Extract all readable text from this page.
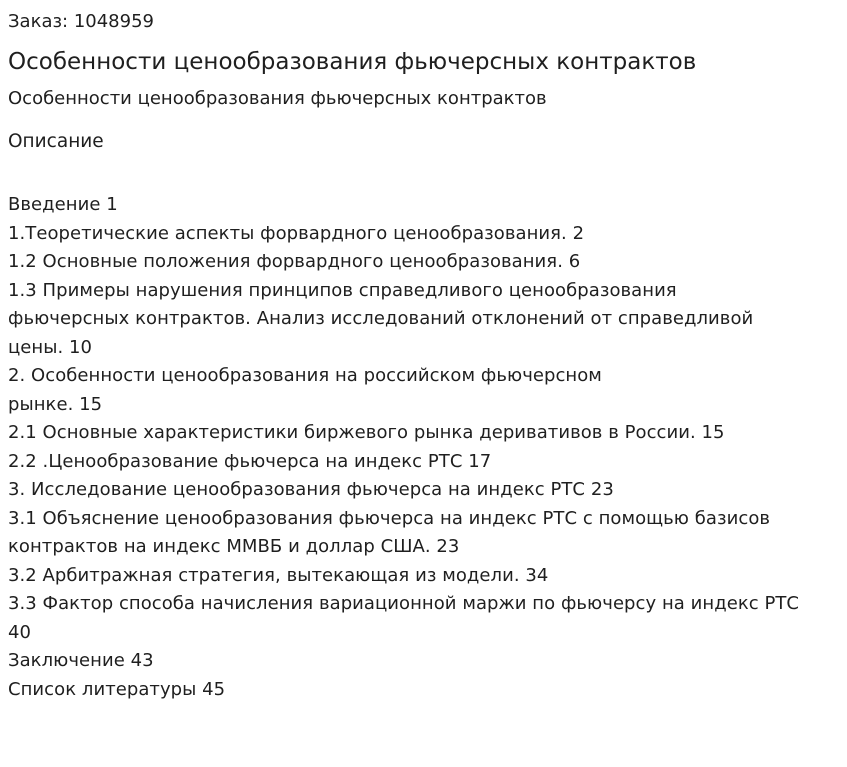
Заказ: 1048959
Особенности ценообразования фьючерсных контрактов
Особенности ценообразования фьючерсных контрактов
Описание
Введение 1
1.Теоретические аспекты форвардного ценообразования. 2
1.2 Основные положения форвардного ценообразования. 6
1.3 Примеры нарушения принципов справедливого ценообразования
фьючерсных контрактов. Анализ исследований отклонений от справедливой
цены. 10
2. Особенности ценообразования на российском фьючерсном
рынке. 15
2.1 Основные характеристики биржевого рынка деривативов в России. 15
2.2 .Ценообразование фьючерса на индекс РТС 17
3. Исследование ценообразования фьючерса на индекс РТС 23
3.1 Объяснение ценообразования фьючерса на индекс РТС с помощью базисов
контрактов на индекс ММВБ и доллар США. 23
3.2 Арбитражная стратегия, вытекающая из модели. 34
3.3 Фактор способа начисления вариационной маржи по фьючерсу на индекс РТС
40
Заключение 43
Список литературы 45
